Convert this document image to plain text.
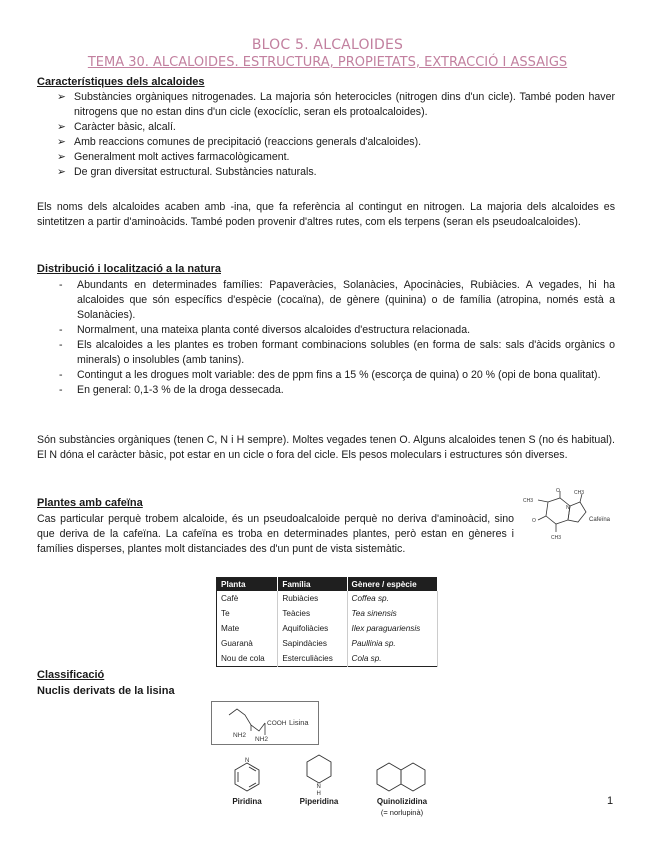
BLOC 5. ALCALOIDES
TEMA 30. ALCALOIDES. ESTRUCTURA, PROPIETATS, EXTRACCIÓ I ASSAIGS
Característiques dels alcaloides
➢ Substàncies orgàniques nitrogenades. La majoria són heterocicles (nitrogen dins d'un cicle). També poden haver nitrogens que no estan dins d'un cicle (exocíclic, seran els protoalcaloides).
➢ Caràcter bàsic, alcalí.
➢ Amb reaccions comunes de precipitació (reaccions generals d'alcaloides).
➢ Generalment molt actives farmacològicament.
➢ De gran diversitat estructural. Substàncies naturals.
Els noms dels alcaloides acaben amb -ina, que fa referència al contingut en nitrogen. La majoria dels alcaloides es sintetitzen a partir d'aminoàcids. També poden provenir d'altres rutes, com els terpens (seran els pseudoalcaloides).
Distribució i localització a la natura
- Abundants en determinades famílies: Papaveràcies, Solanàcies, Apocinàcies, Rubiàcies. A vegades, hi ha alcaloides que són específics d'espècie (cocaïna), de gènere (quinina) o de família (atropina, només està a Solanàcies).
- Normalment, una mateixa planta conté diversos alcaloides d'estructura relacionada.
- Els alcaloides a les plantes es troben formant combinacions solubles (en forma de sals: sals d'àcids orgànics o minerals) o insolubles (amb tanins).
- Contingut a les drogues molt variable: des de ppm fins a 15 % (escorça de quina) o 20 % (opi de bona qualitat).
- En general: 0,1-3 % de la droga dessecada.
Són substàncies orgàniques (tenen C, N i H sempre). Moltes vegades tenen O. Alguns alcaloides tenen S (no és habitual). El N dóna el caràcter bàsic, pot estar en un cicle o fora del cicle. Els pesos moleculars i estructures són diverses.
Plantes amb cafeïna
Cas particular perquè trobem alcaloide, és un pseudoalcaloide perquè no deriva d'aminoàcid, sino que deriva de la cafeïna. La cafeïna es troba en determinades plantes, però estan en gèneres i famílies disperses, plantes molt distanciades des d'un punt de vista sistemàtic.
O
O
CH3
CH3
CH3
N
Cafeïna
Planta	Família	Gènere / espècie
Cafè	Rubiàcies	Coffea sp.
Te	Teàcies	Tea sinensis
Mate	Aquifoliàcies	Ilex paraguariensis
Guaranà	Sapindàcies	Paullinia sp.
Nou de cola	Esterculiàcies	Cola sp.
Classificació
Nuclis derivats de la lisina
COOH
NH2
NH2
Lisina
N
Piridina
N
H
Piperidina	Quinolizidina
(= norlupinà)
1
